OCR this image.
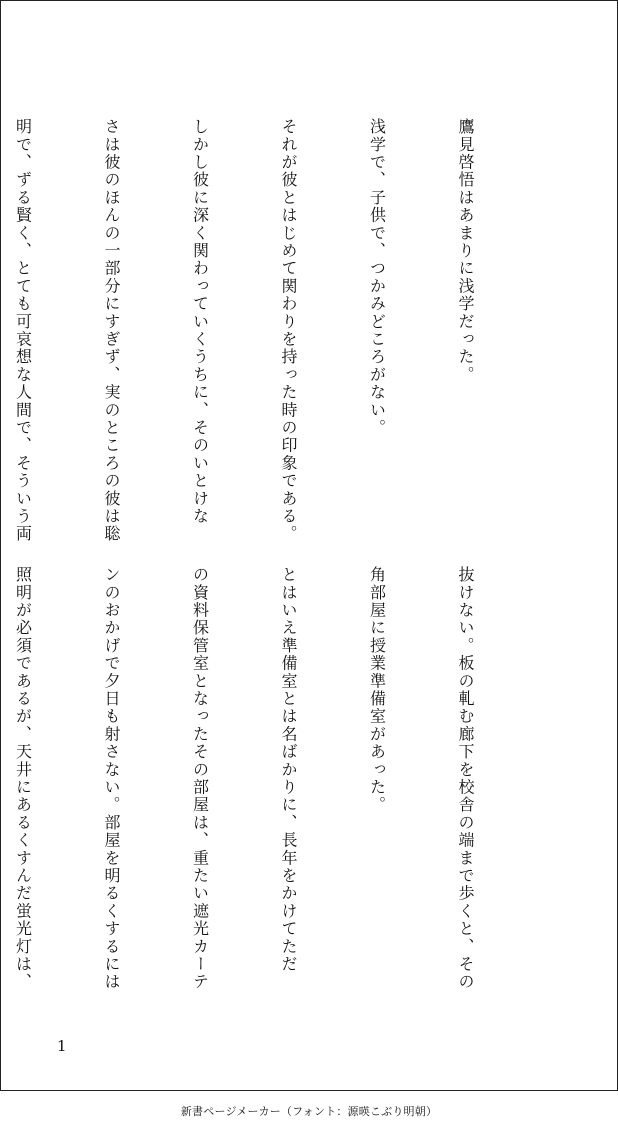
鷹見啓悟はあまりに浅学だった。

浅学で、子供で、つかみどころがない。

それが彼とはじめて関わりを持った時の印象である。

しかし彼に深く関わっていくうちに、そのいとけな

さは彼のほんの一部分にすぎず、実のところの彼は聡

明で、ずる賢く、とても可哀想な人間で、そういう両

抜けない。板の軋む廊下を校舎の端まで歩くと、その

角部屋に授業準備室があった。

とはいえ準備室とは名ばかりに、長年をかけてただ

の資料保管室となったその部屋は、重たい遮光カーテ

ンのおかげで夕日も射さない。部屋を明るくするには

照明が必須であるが、天井にあるくすんだ蛍光灯は、

1
新書ページメーカー（フォント：源暎こぶり明朝）
